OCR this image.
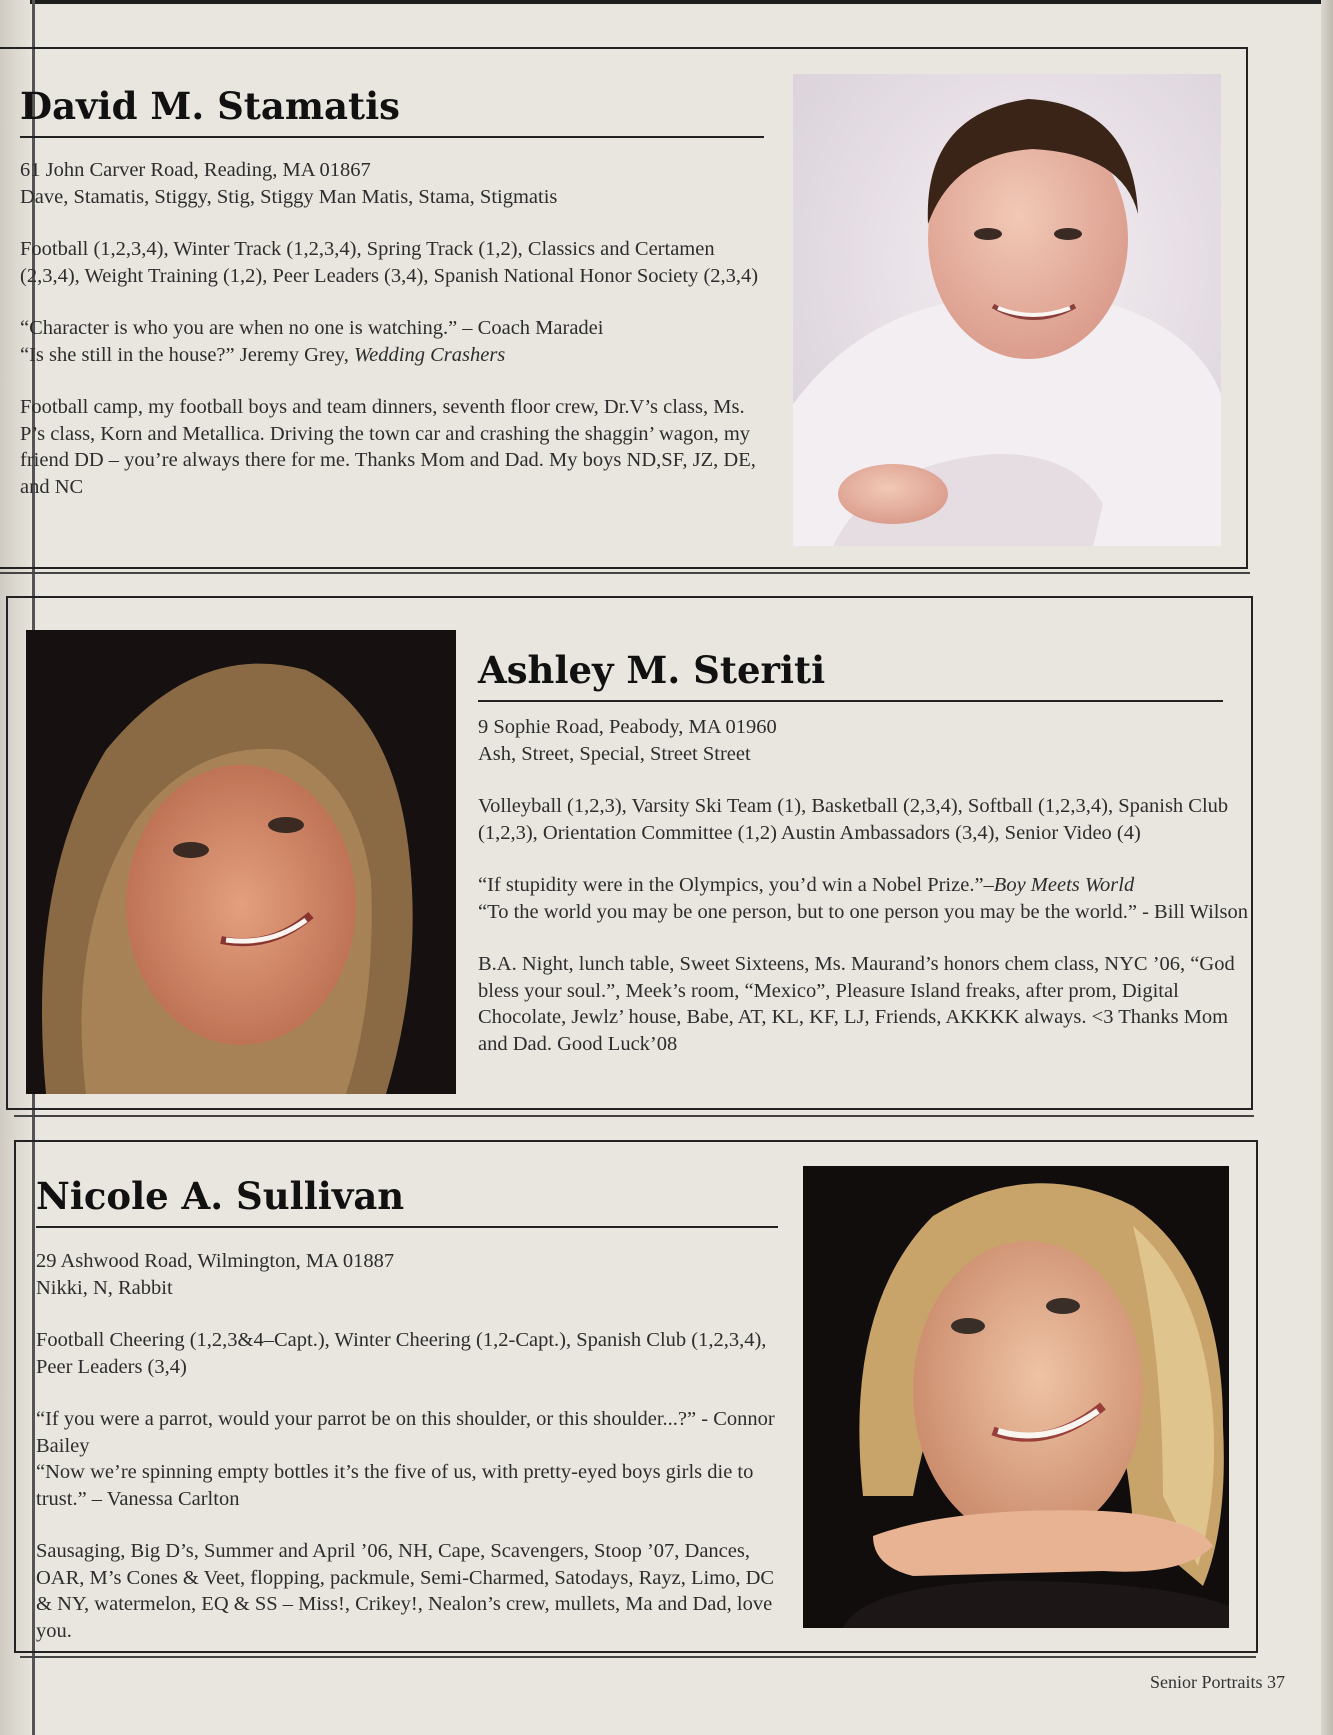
David M. Stamatis

61 John Carver Road, Reading, MA 01867

Dave, Stamatis, Stiggy, Stig, Stiggy Man Matis, Stama, Stigmatis

Football (1,2,3,4), Winter Track (1,2,3,4), Spring Track (1,2), Classics and Certamen (2,3,4), Weight Training (1,2), Peer Leaders (3,4), Spanish National Honor Society (2,3,4)

“Character is who you are when no one is watching.” – Coach Maradei

“Is she still in the house?” Jeremy Grey, Wedding Crashers

Football camp, my football boys and team dinners, seventh floor crew, Dr.V’s class, Ms. P’s class, Korn and Metallica. Driving the town car and crashing the shaggin’ wagon, my friend DD – you’re always there for me. Thanks Mom and Dad. My boys ND,SF, JZ, DE, and NC

Ashley M. Steriti

9 Sophie Road, Peabody, MA 01960

Ash, Street, Special, Street Street

Volleyball (1,2,3), Varsity Ski Team (1), Basketball (2,3,4), Softball (1,2,3,4), Spanish Club (1,2,3), Orientation Committee (1,2) Austin Ambassadors (3,4), Senior Video (4)

“If stupidity were in the Olympics, you’d win a Nobel Prize.”–Boy Meets World

“To the world you may be one person, but to one person you may be the world.” - Bill Wilson

B.A. Night, lunch table, Sweet Sixteens, Ms. Maurand’s honors chem class, NYC ’06, “God bless your soul.”, Meek’s room, “Mexico”, Pleasure Island freaks, after prom, Digital Chocolate, Jewlz’ house, Babe, AT, KL, KF, LJ, Friends, AKKKK always. <3 Thanks Mom and Dad. Good Luck’08

Nicole A. Sullivan

29 Ashwood Road, Wilmington, MA 01887

Nikki, N, Rabbit

Football Cheering (1,2,3&4–Capt.), Winter Cheering (1,2-Capt.), Spanish Club (1,2,3,4), Peer Leaders (3,4)

“If you were a parrot, would your parrot be on this shoulder, or this shoulder...?” - Connor Bailey

“Now we’re spinning empty bottles it’s the five of us, with pretty-eyed boys girls die to trust.” – Vanessa Carlton

Sausaging, Big D’s, Summer and April ’06, NH, Cape, Scavengers, Stoop ’07, Dances, OAR, M’s Cones & Veet, flopping, packmule, Semi-Charmed, Satodays, Rayz, Limo, DC & NY, watermelon, EQ & SS – Miss!, Crikey!, Nealon’s crew, mullets, Ma and Dad, love you.

Senior Portraits 37
